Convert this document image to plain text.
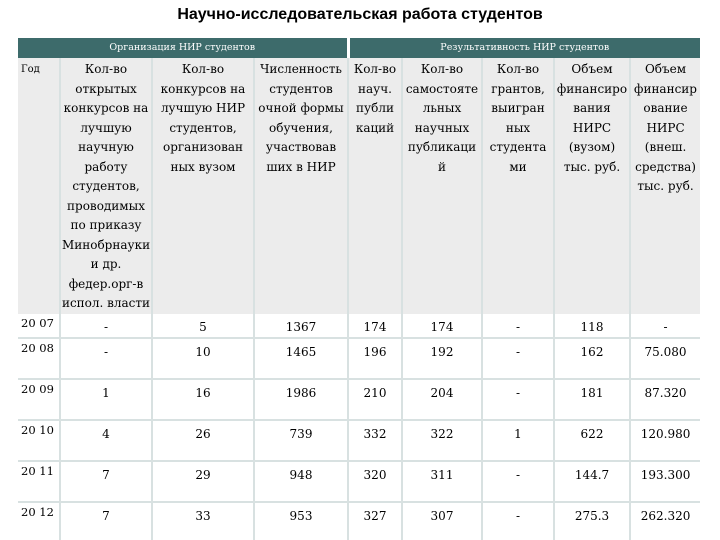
Научно-исследовательская работа студентов
Организация НИР студентов				Результативность НИР студентов				
Год	Кол-во открытых конкурсов на лучшую научную работу студентов, проводимых по приказу Минобрнауки и др. федер.орг-в испол. власти	Кол-во конкурсов на лучшую НИР студентов, организован ных вузом	Численность студентов очной формы обучения, участвовав ших в НИР	Кол-во науч. публи каций	Кол-во самостояте льных научных публикаци й	Кол-во грантов, выигран ных студента ми	Объем финансиро вания НИРС (вузом) тыс. руб.	Объем финансир ование НИРС (внеш. средства) тыс. руб.
20 07	-	5	1367	174	174	-	118	-

20 08	-	10	1465	196	192	-	162	75.080

20 09	1	16	1986	210	204	-	181	87.320

20 10	4	26	739	332	322	1	622	120.980

20 11	7	29	948	320	311	-	144.7	193.300

20 12	7	33	953	327	307	-	275.3	262.320
